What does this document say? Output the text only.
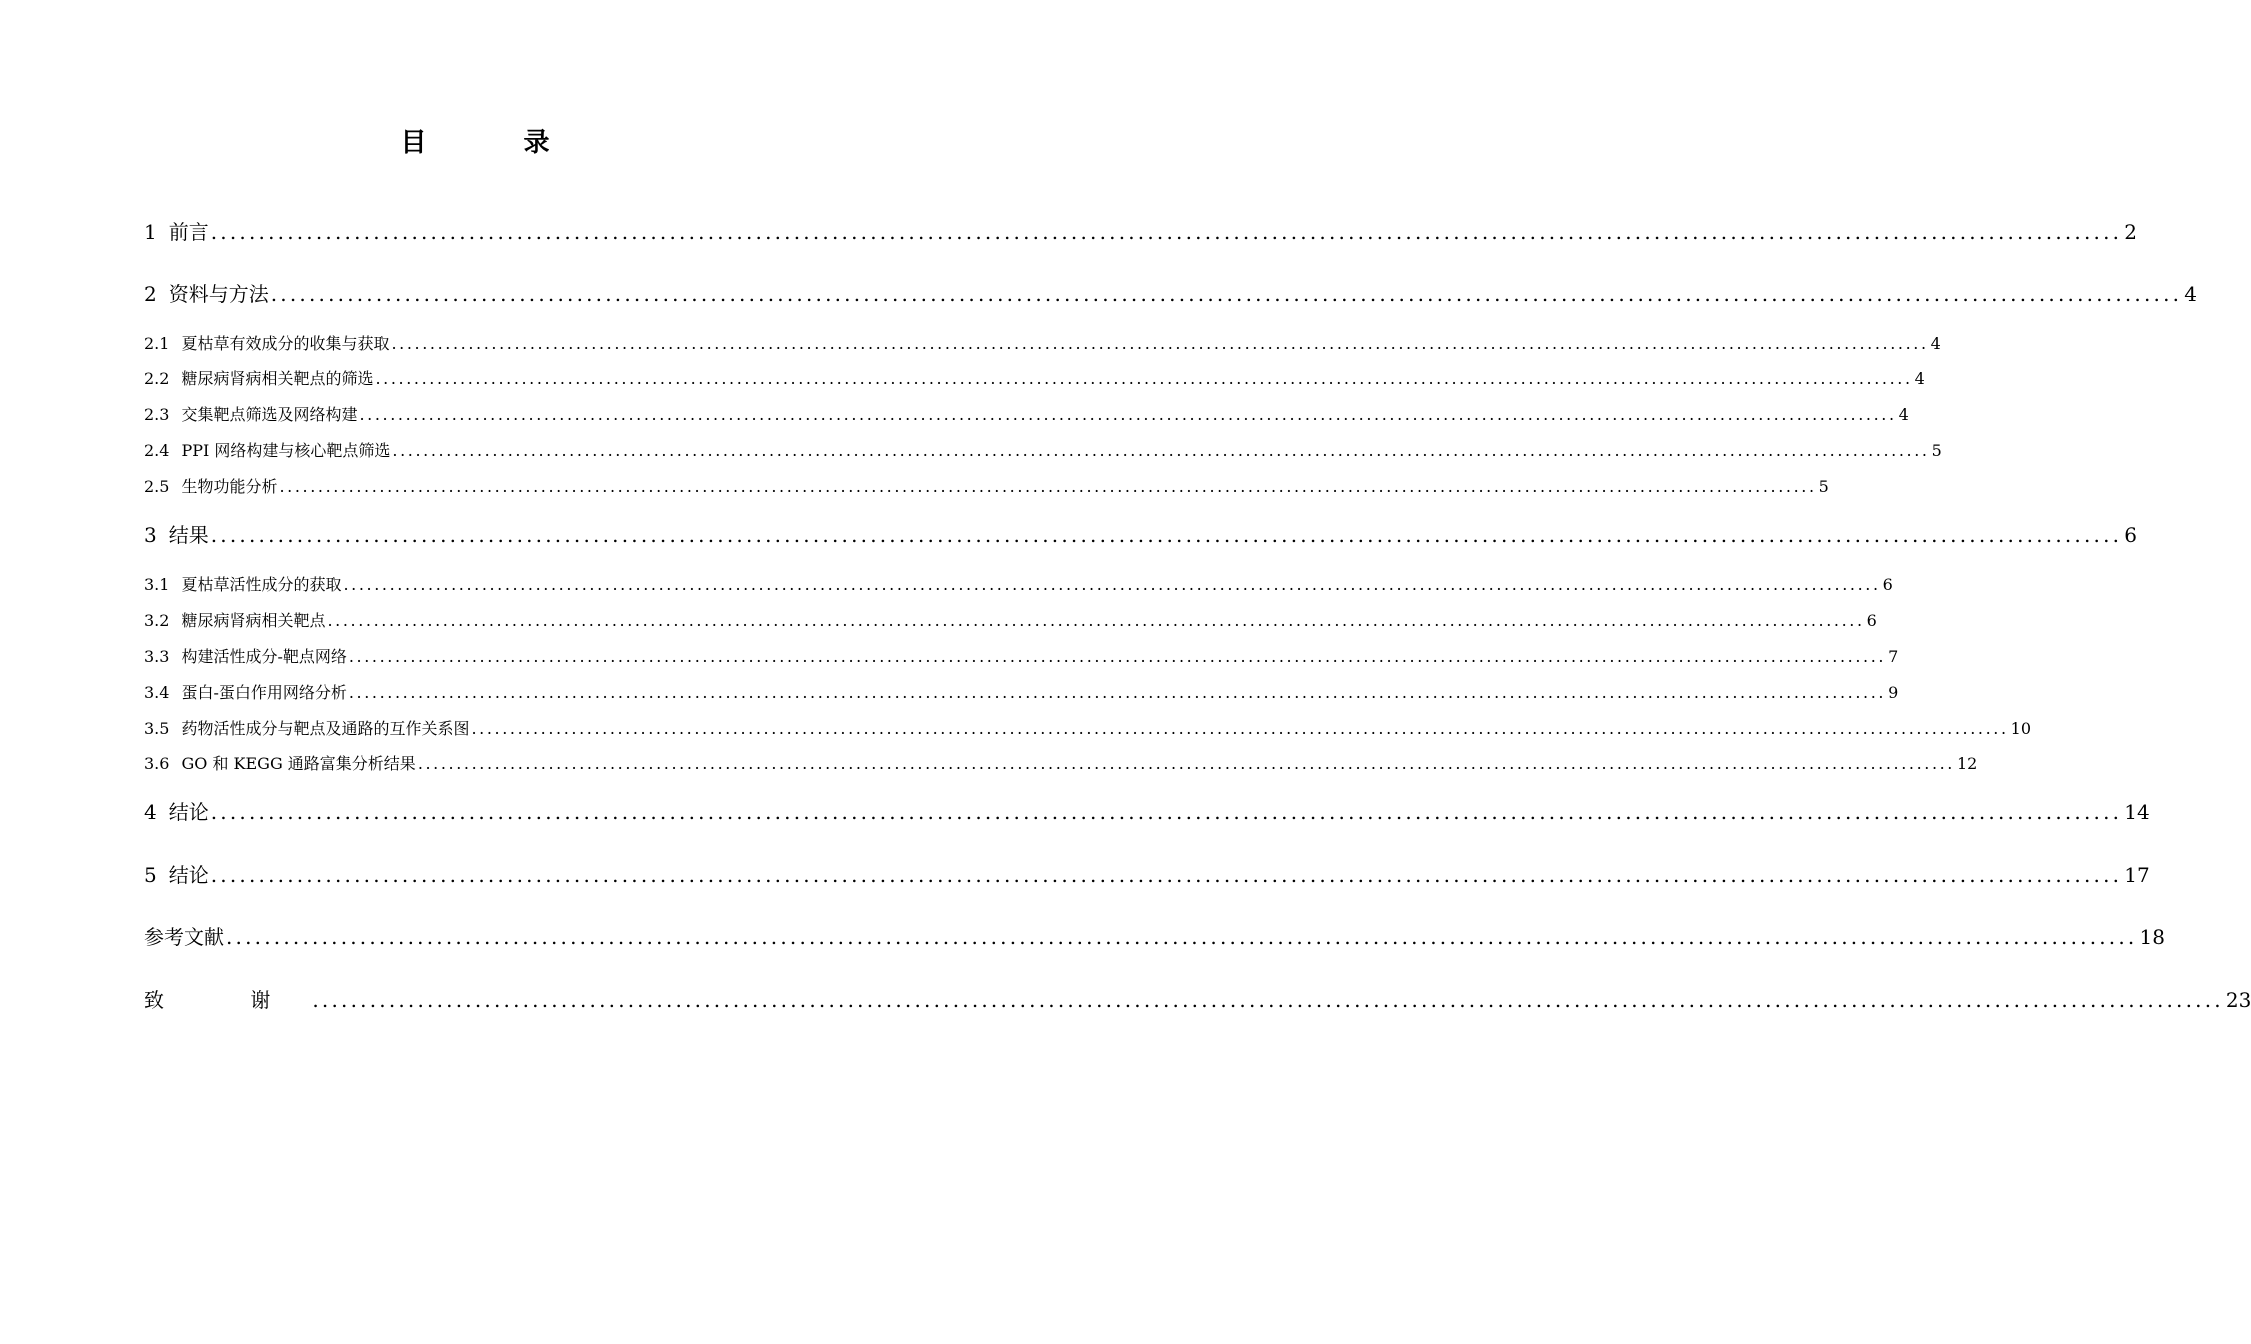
目 录
1 前言 ........................................................................................................................................................................................................ 2
2 资料与方法 ........................................................................................................................................................................................................ 4
2.1 夏枯草有效成分的收集与获取 ........................................................................................................................................................................................................ 4
2.2 糖尿病肾病相关靶点的筛选 ........................................................................................................................................................................................................ 4
2.3 交集靶点筛选及网络构建 ........................................................................................................................................................................................................ 4
2.4 PPI 网络构建与核心靶点筛选 ........................................................................................................................................................................................................ 5
2.5 生物功能分析 ........................................................................................................................................................................................................ 5
3 结果 ........................................................................................................................................................................................................ 6
3.1 夏枯草活性成分的获取 ........................................................................................................................................................................................................ 6
3.2 糖尿病肾病相关靶点 ........................................................................................................................................................................................................ 6
3.3 构建活性成分-靶点网络 ........................................................................................................................................................................................................ 7
3.4 蛋白-蛋白作用网络分析 ........................................................................................................................................................................................................ 9
3.5 药物活性成分与靶点及通路的互作关系图 ........................................................................................................................................................................................................ 10
3.6 GO 和 KEGG 通路富集分析结果 ........................................................................................................................................................................................................ 12
4 结论 ........................................................................................................................................................................................................ 14
5 结论 ........................................................................................................................................................................................................ 17
参考文献 ........................................................................................................................................................................................................ 18
致 谢 ........................................................................................................................................................................................................ 23
